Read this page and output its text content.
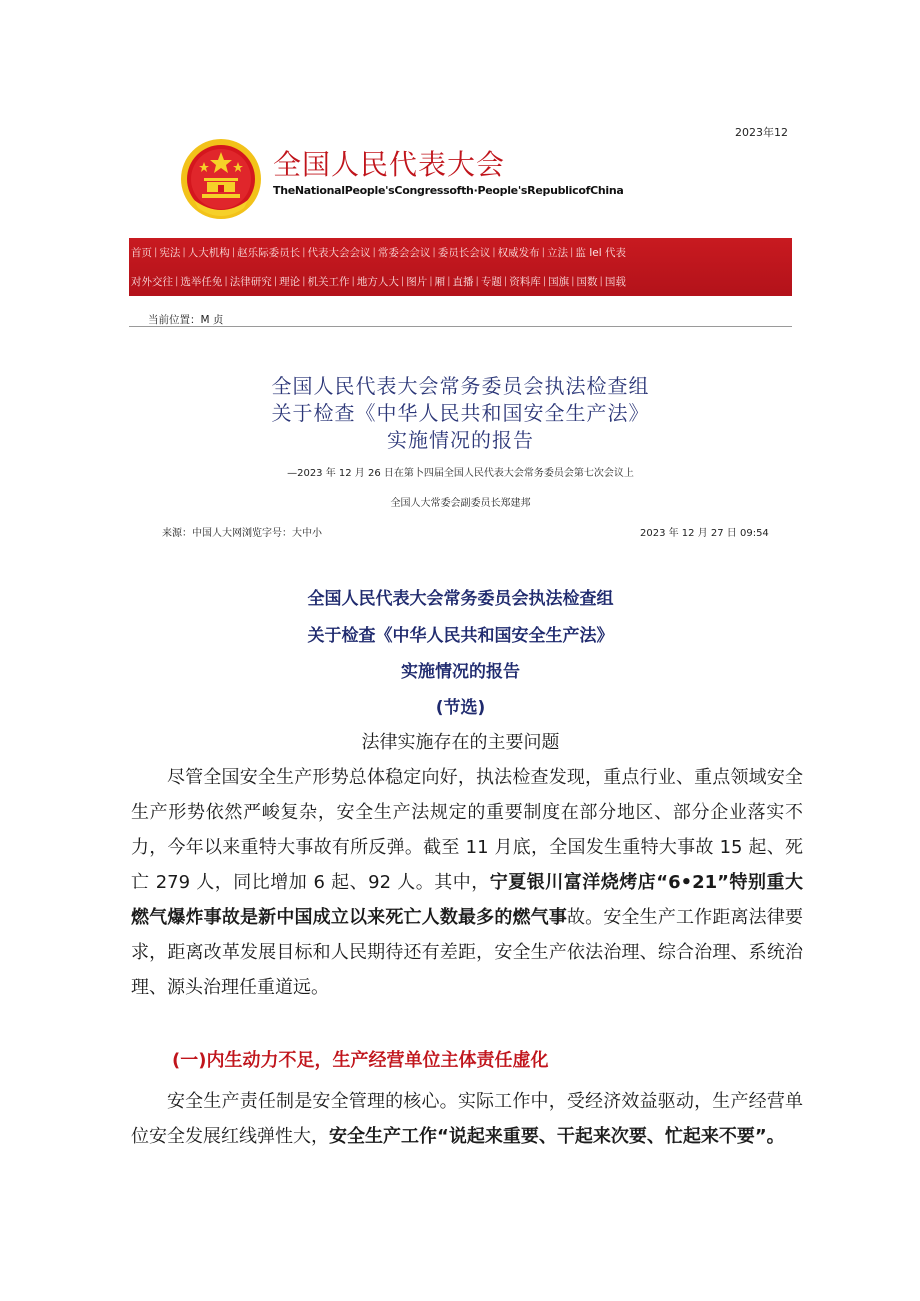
2023年12
全国人民代表大会
TheNationalPeople'sCongressofth·People'sRepublicofChina
首页 | 宪法 | 人大机构 | 赵乐际委员长 | 代表大会会议 | 常委会会议 | 委员长会议 | 权威发布 | 立法 | 监 Iel 代表
对外交往 | 选举任免 | 法律研究 | 理论 | 机关工作 | 地方人大 | 图片 | 厢 | 直播 | 专题 | 资料库 | 国旗 | 国数 | 国载
当前位置：M 贞
全国人民代表大会常务委员会执法检查组
关于检查《中华人民共和国安全生产法》
实施情况的报告
—2023 年 12 月 26 日在第卜四届全国人民代表大会常务委员会第七次会议上
全国人大常委会副委员长郑建邦
来源：中国人大网浏览字号：大中小	2023 年 12 月 27 日 09:54
全国人民代表大会常务委员会执法检查组
关于检查《中华人民共和国安全生产法》
实施情况的报告
(节选)
法律实施存在的主要问题
尽管全国安全生产形势总体稳定向好，执法检查发现，重点行业、重点领域安全生产形势依然严峻复杂，安全生产法规定的重要制度在部分地区、部分企业落实不力，今年以来重特大事故有所反弹。截至 11 月底，全国发生重特大事故 15 起、死亡 279 人，同比增加 6 起、92 人。其中，宁夏银川富洋烧烤店“6•21”特别重大燃气爆炸事故是新中国成立以来死亡人数最多的燃气事故。安全生产工作距离法律要求，距离改革发展目标和人民期待还有差距，安全生产依法治理、综合治理、系统治理、源头治理任重道远。
(一)内生动力不足，生产经营单位主体责任虚化
安全生产责任制是安全管理的核心。实际工作中，受经济效益驱动，生产经营单位安全发展红线弹性大，安全生产工作“说起来重要、干起来次要、忙起来不要”。
